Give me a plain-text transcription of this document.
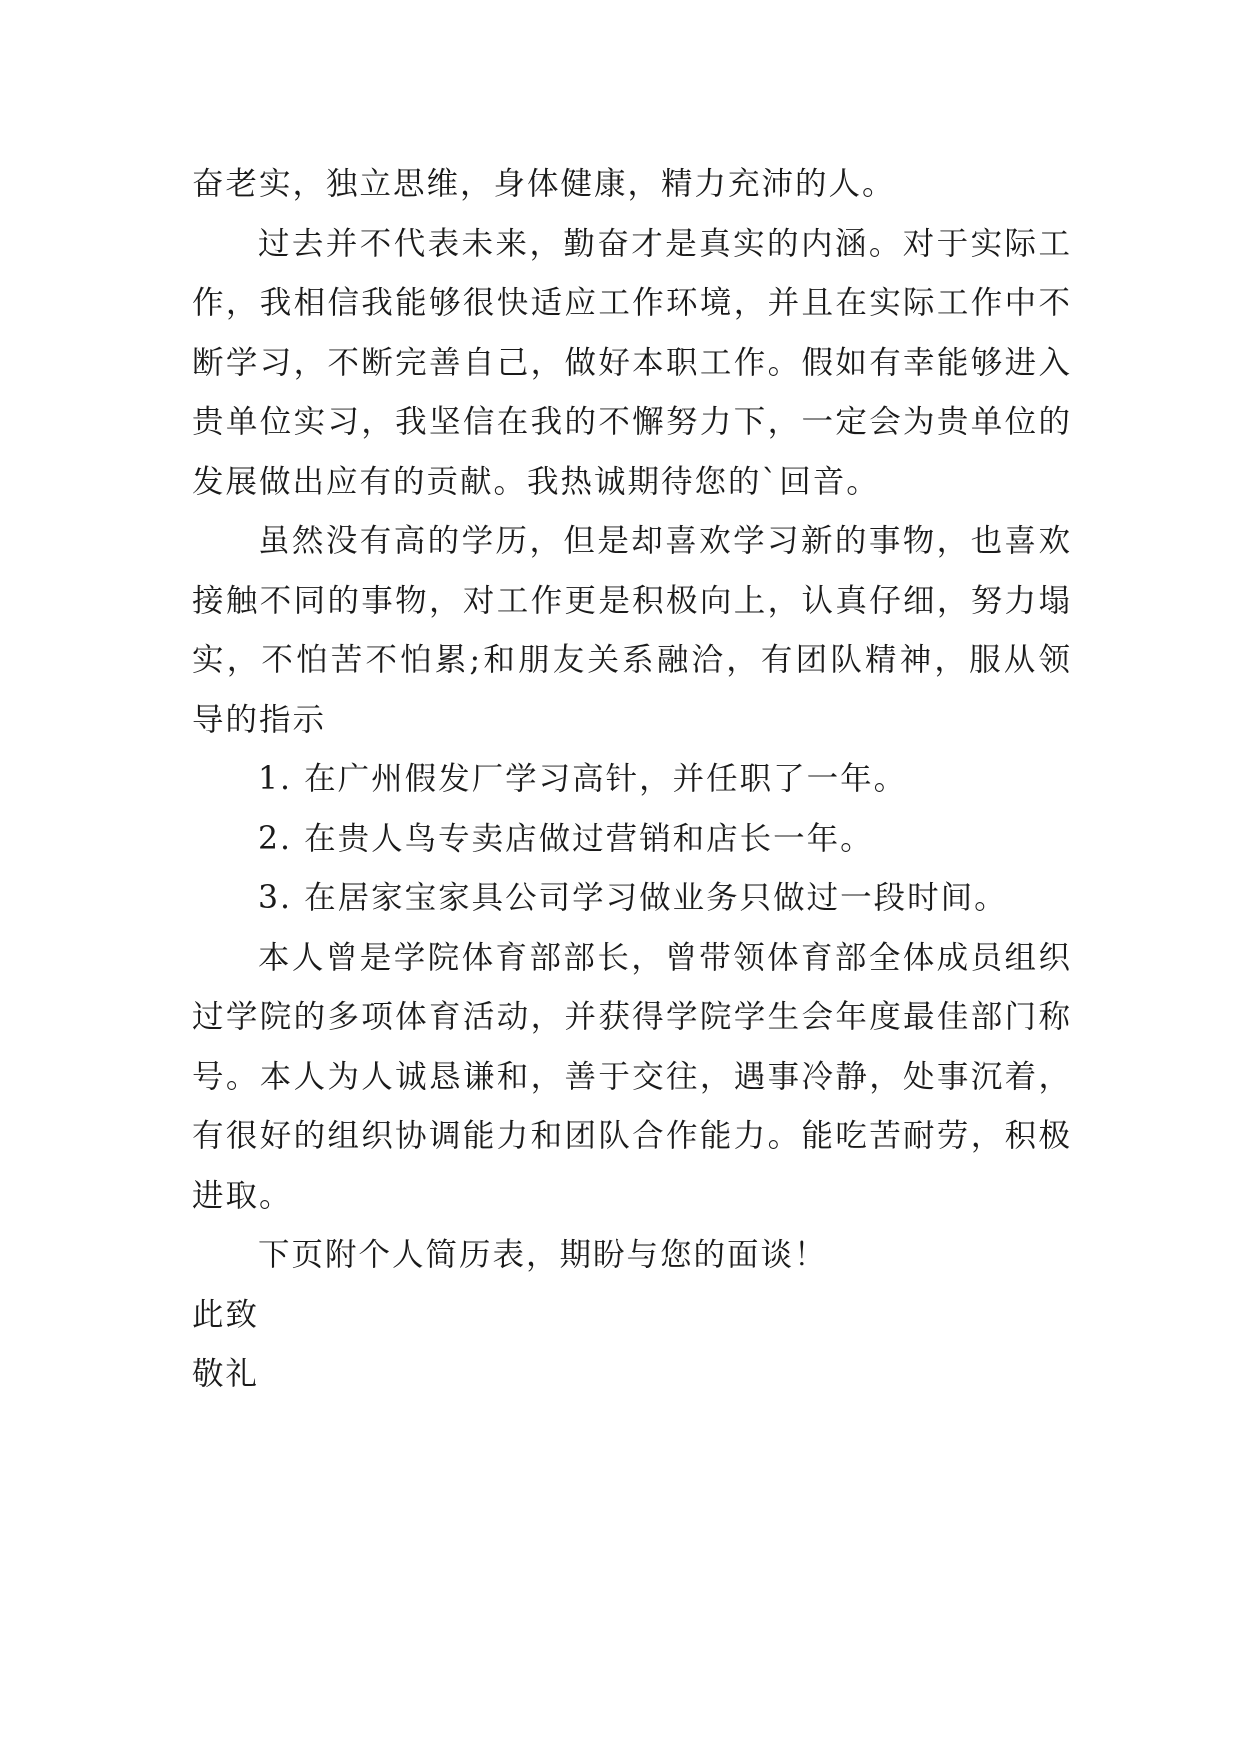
奋老实，独立思维，身体健康，精力充沛的人。

过去并不代表未来，勤奋才是真实的内涵。对于实际工作，我相信我能够很快适应工作环境，并且在实际工作中不断学习，不断完善自己，做好本职工作。假如有幸能够进入贵单位实习，我坚信在我的不懈努力下，一定会为贵单位的发展做出应有的贡献。我热诚期待您的`回音。

虽然没有高的学历，但是却喜欢学习新的事物，也喜欢接触不同的事物，对工作更是积极向上，认真仔细，努力塌实，不怕苦不怕累;和朋友关系融洽，有团队精神，服从领导的指示

1. 在广州假发厂学习高针，并任职了一年。

2. 在贵人鸟专卖店做过营销和店长一年。

3. 在居家宝家具公司学习做业务只做过一段时间。

本人曾是学院体育部部长，曾带领体育部全体成员组织过学院的多项体育活动，并获得学院学生会年度最佳部门称号。本人为人诚恳谦和，善于交往，遇事冷静，处事沉着，有很好的组织协调能力和团队合作能力。能吃苦耐劳，积极进取。

下页附个人简历表，期盼与您的面谈！

此致

敬礼
